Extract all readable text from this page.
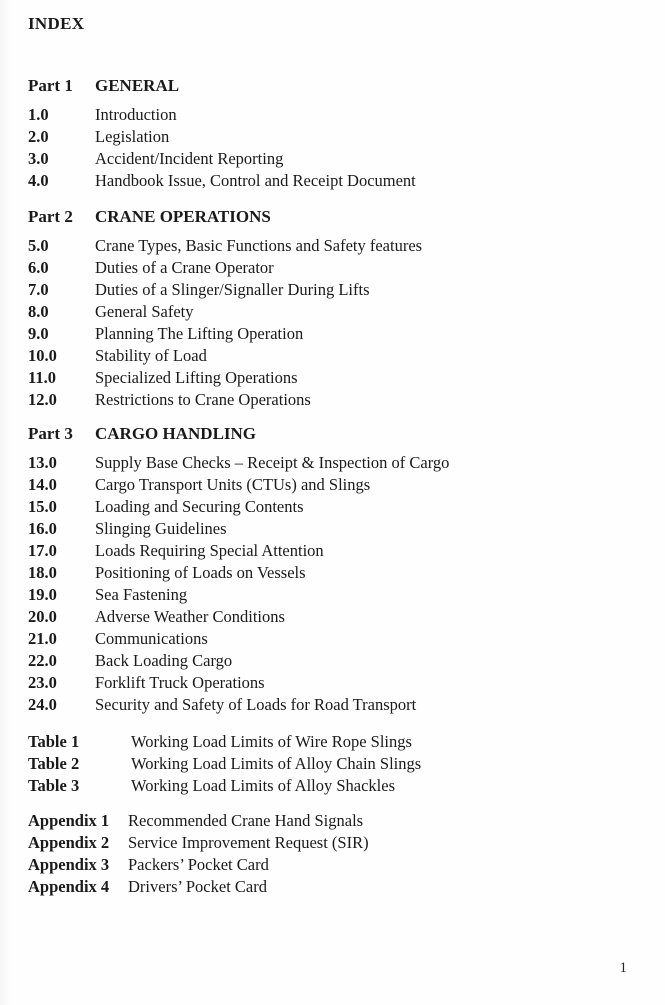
INDEX
Part 1	GENERAL
1.0	Introduction
2.0	Legislation
3.0	Accident/Incident Reporting
4.0	Handbook Issue, Control and Receipt Document
Part 2	CRANE OPERATIONS
5.0	Crane Types, Basic Functions and Safety features
6.0	Duties of a Crane Operator
7.0	Duties of a Slinger/Signaller During Lifts
8.0	General Safety
9.0	Planning The Lifting Operation
10.0	Stability of Load
11.0	Specialized Lifting Operations
12.0	Restrictions to Crane Operations
Part 3	CARGO HANDLING
13.0	Supply Base Checks – Receipt & Inspection of Cargo
14.0	Cargo Transport Units (CTUs) and Slings
15.0	Loading and Securing Contents
16.0	Slinging Guidelines
17.0	Loads Requiring Special Attention
18.0	Positioning of Loads on Vessels
19.0	Sea Fastening
20.0	Adverse Weather Conditions
21.0	Communications
22.0	Back Loading Cargo
23.0	Forklift Truck Operations
24.0	Security and Safety of Loads for Road Transport
Table 1	Working Load Limits of Wire Rope Slings
Table 2	Working Load Limits of Alloy Chain Slings
Table 3	Working Load Limits of Alloy Shackles
Appendix 1	Recommended Crane Hand Signals
Appendix 2	Service Improvement Request (SIR)
Appendix 3	Packers’ Pocket Card
Appendix 4	Drivers’ Pocket Card
1
